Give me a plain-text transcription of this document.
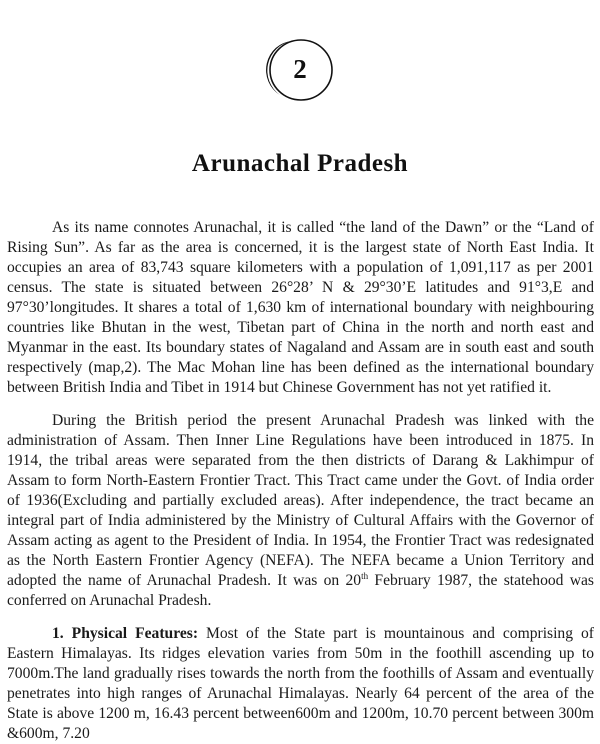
2
Arunachal Pradesh

As its name connotes Arunachal, it is called “the land of the Dawn” or the “Land of Rising Sun”. As far as the area is concerned, it is the largest state of North East India. It occupies an area of 83,743 square kilometers with a population of 1,091,117 as per 2001 census. The state is situated between 26°28’ N & 29°30’E latitudes and 91°3,E and 97°30’longitudes. It shares a total of 1,630 km of international boundary with neighbouring countries like Bhutan in the west, Tibetan part of China in the north and north east and Myanmar in the east. Its boundary states of Nagaland and Assam are in south east and south respectively (map,2). The Mac Mohan line has been defined as the international boundary between British India and Tibet in 1914 but Chinese Government has not yet ratified it.

During the British period the present Arunachal Pradesh was linked with the administration of Assam. Then Inner Line Regulations have been introduced in 1875. In 1914, the tribal areas were separated from the then districts of Darang & Lakhimpur of Assam to form North-Eastern Frontier Tract. This Tract came under the Govt. of India order of 1936(Excluding and partially excluded areas). After independence, the tract became an integral part of India administered by the Ministry of Cultural Affairs with the Governor of Assam acting as agent to the President of India. In 1954, the Frontier Tract was redesignated as the North Eastern Frontier Agency (NEFA). The NEFA became a Union Territory and adopted the name of Arunachal Pradesh. It was on 20th February 1987, the statehood was conferred on Arunachal Pradesh.

1. Physical Features: Most of the State part is mountainous and comprising of Eastern Himalayas. Its ridges elevation varies from 50m in the foothill ascending up to 7000m.The land gradually rises towards the north from the foothills of Assam and eventually penetrates into high ranges of Arunachal Himalayas. Nearly 64 percent of the area of the State is above 1200 m, 16.43 percent between600m and 1200m, 10.70 percent between 300m &600m, 7.20
